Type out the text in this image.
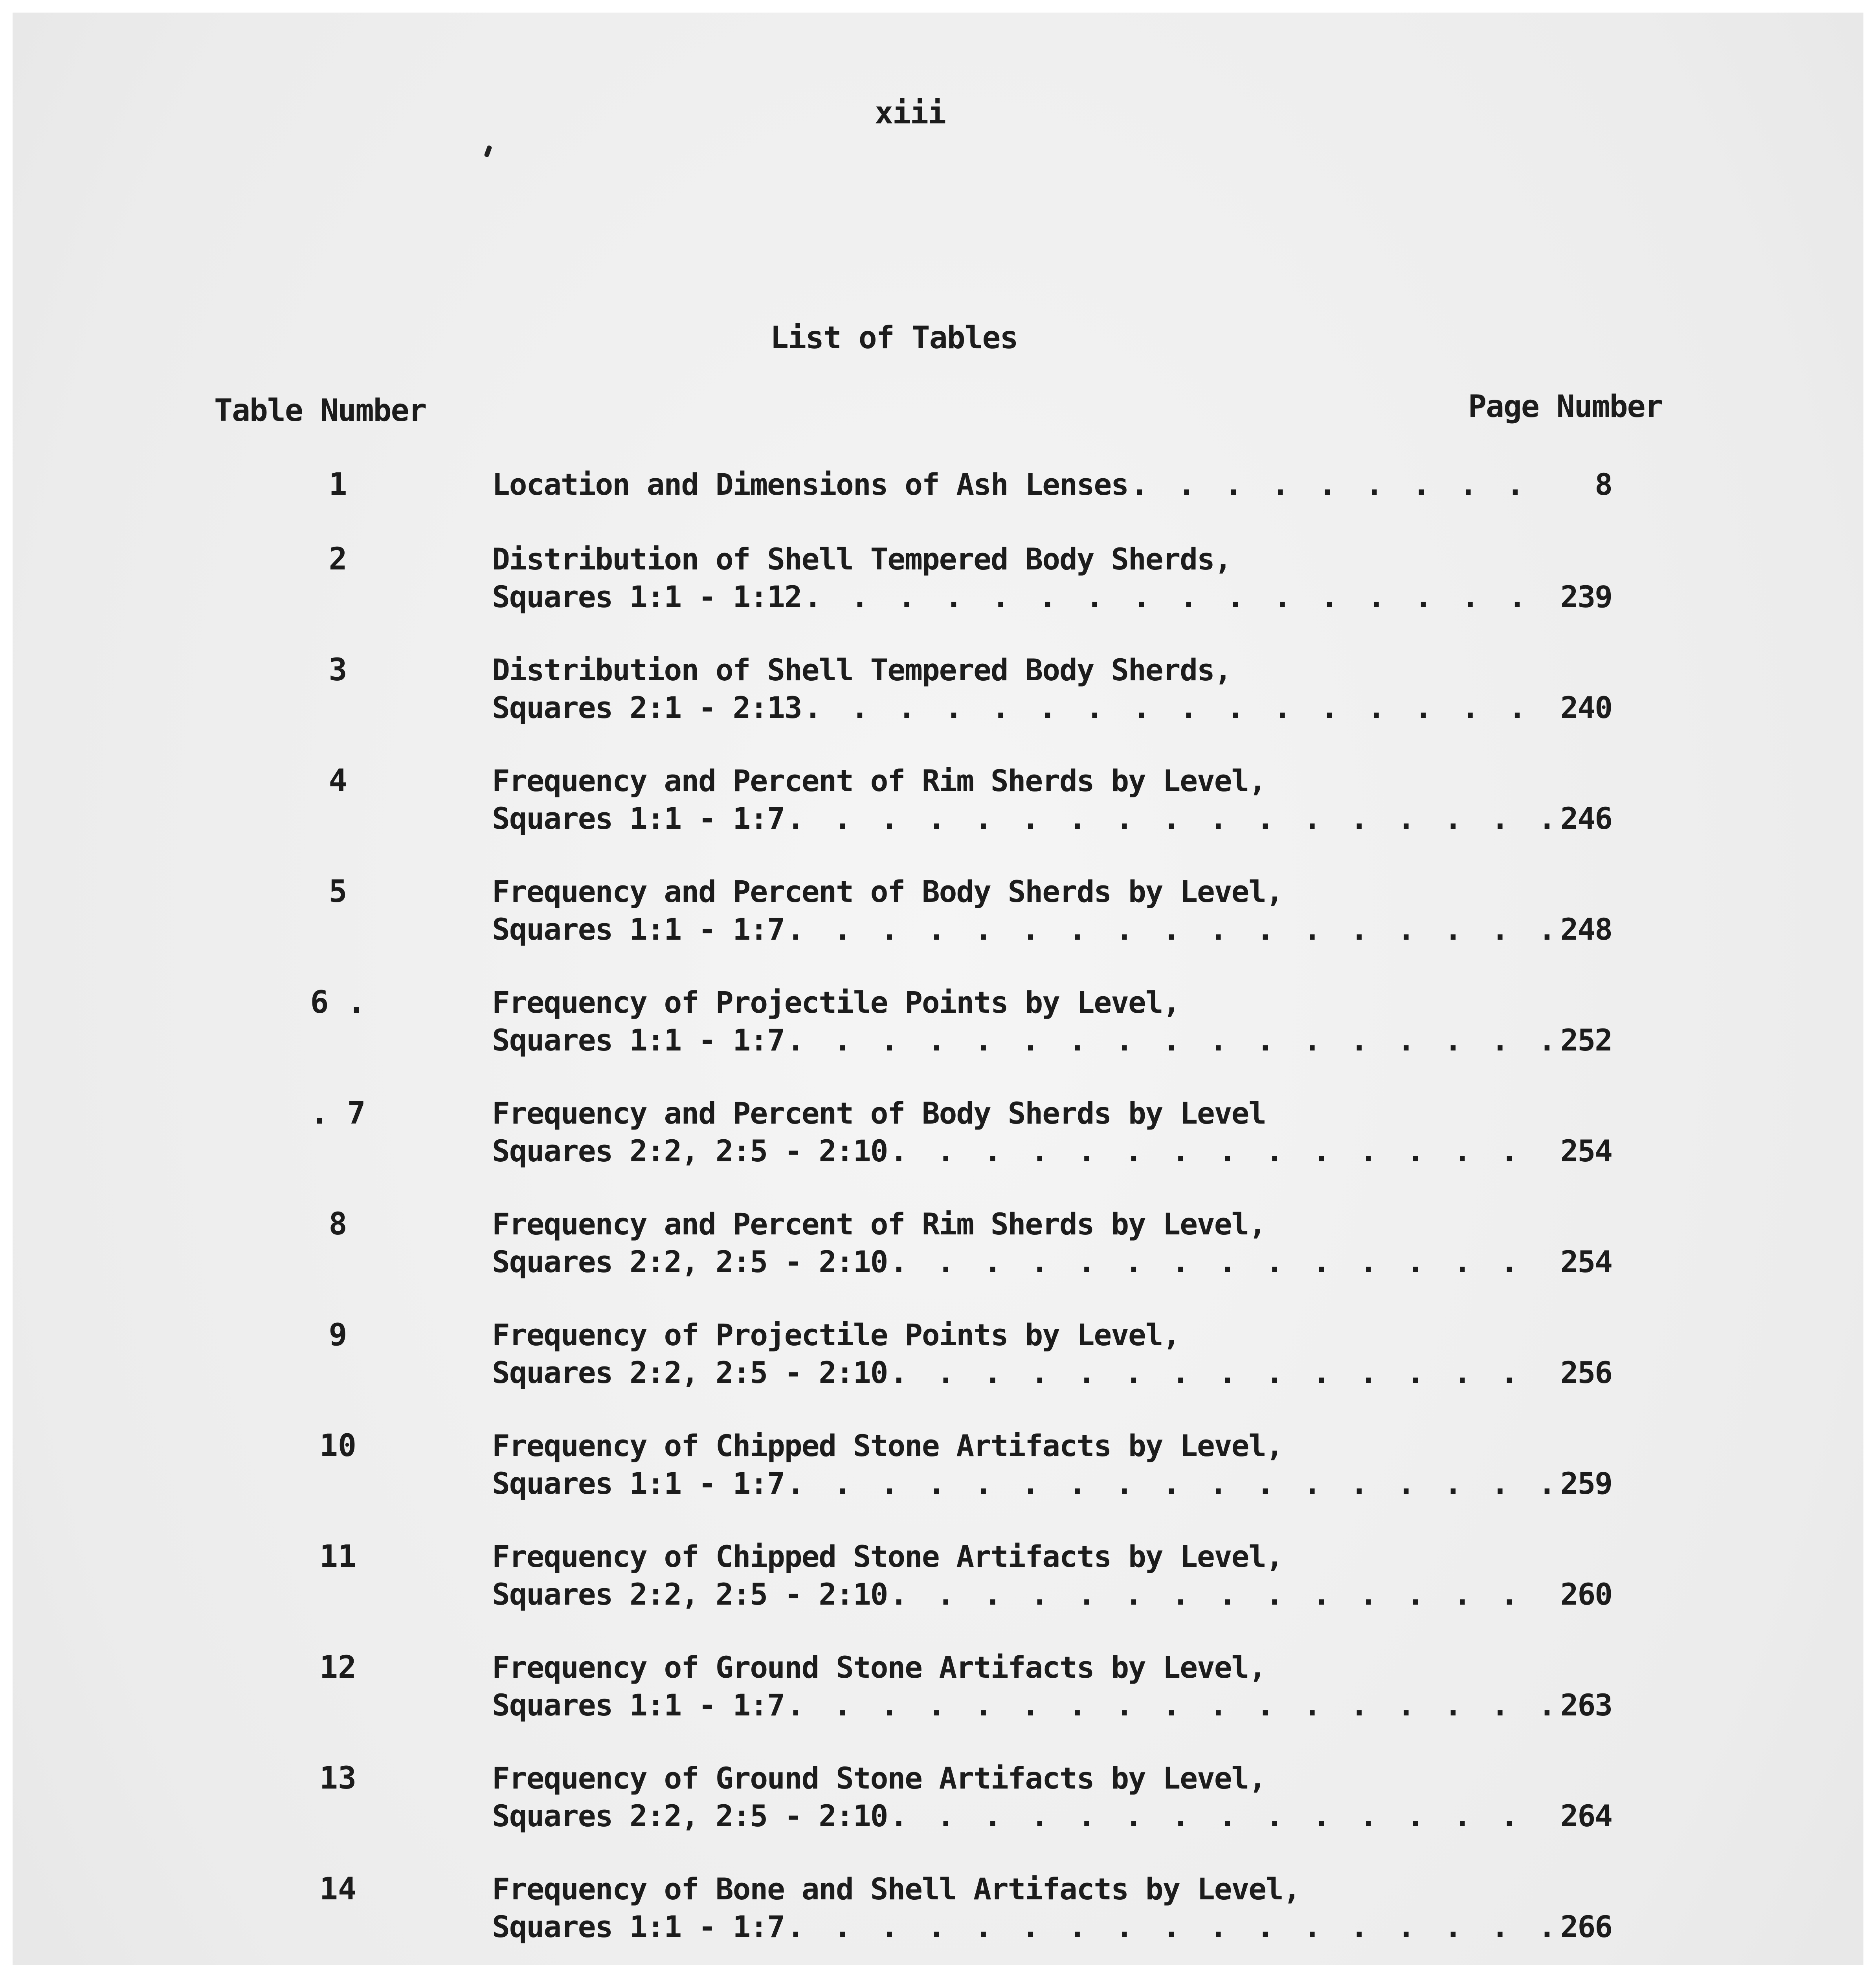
xiii
List of Tables
Table Number	Page Number
1	Location and Dimensions of Ash Lenses . . .	8
2	Distribution of Shell Tempered Body Sherds,
Squares 1:1 - 1:12 . . .	239
3	Distribution of Shell Tempered Body Sherds,
Squares 2:1 - 2:13 . . .	240
4	Frequency and Percent of Rim Sherds by Level,
Squares 1:1 - 1:7 . . .	246
5	Frequency and Percent of Body Sherds by Level,
Squares 1:1 - 1:7 . . .	248
6 .	Frequency of Projectile Points by Level,
Squares 1:1 - 1:7 . . .	252
. 7	Frequency and Percent of Body Sherds by Level
Squares 2:2, 2:5 - 2:10 . . .	254
8	Frequency and Percent of Rim Sherds by Level,
Squares 2:2, 2:5 - 2:10 . . .	254
9	Frequency of Projectile Points by Level,
Squares 2:2, 2:5 - 2:10 . . .	256
10	Frequency of Chipped Stone Artifacts by Level,
Squares 1:1 - 1:7 . . .	259
11	Frequency of Chipped Stone Artifacts by Level,
Squares 2:2, 2:5 - 2:10 . . .	260
12	Frequency of Ground Stone Artifacts by Level,
Squares 1:1 - 1:7 . . .	263
13	Frequency of Ground Stone Artifacts by Level,
Squares 2:2, 2:5 - 2:10 . . .	264
14	Frequency of Bone and Shell Artifacts by Level,
Squares 1:1 - 1:7 . . .	266
